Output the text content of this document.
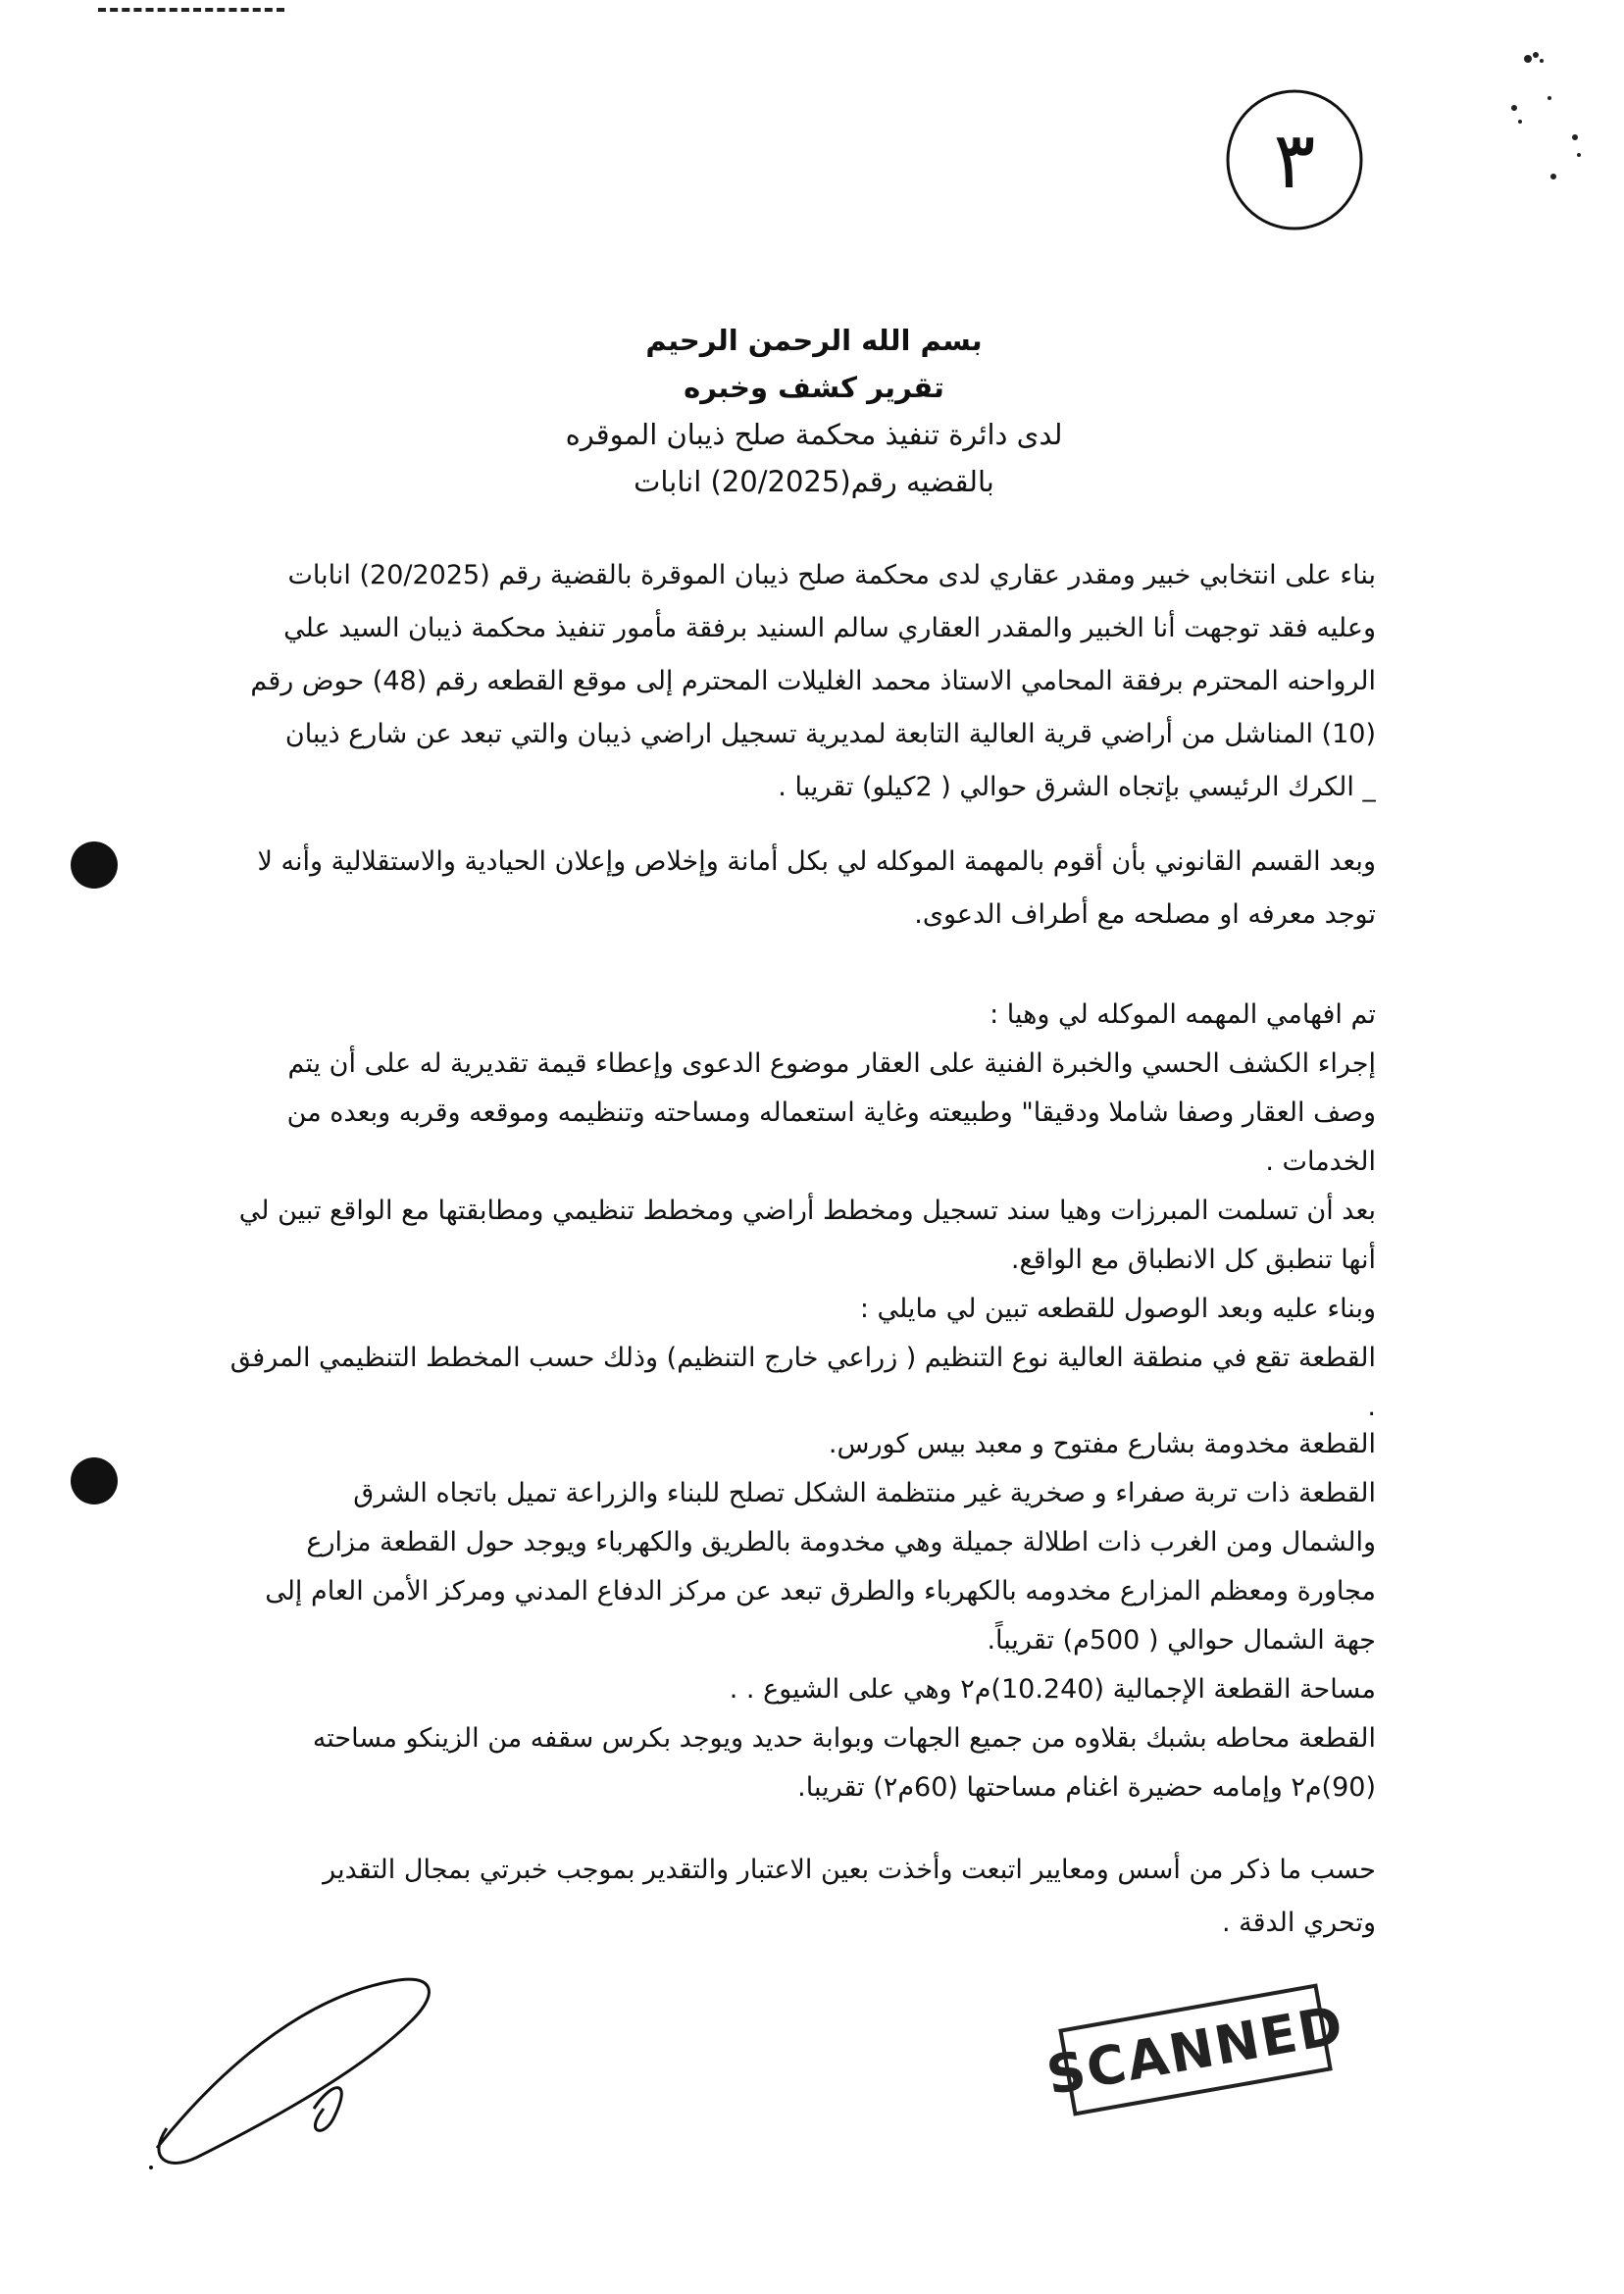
٣
بسم الله الرحمن الرحيم
تقرير كشف وخبره
لدى دائرة تنفيذ محكمة صلح ذيبان الموقره
بالقضيه رقم(20/2025) انابات
بناء على انتخابي خبير ومقدر عقاري لدى محكمة صلح ذيبان الموقرة بالقضية رقم (20/2025) انابات
وعليه فقد توجهت أنا الخبير والمقدر العقاري سالم السنيد برفقة مأمور تنفيذ محكمة ذيبان السيد علي
الرواحنه المحترم برفقة المحامي الاستاذ محمد الغليلات المحترم إلى موقع القطعه رقم (48) حوض رقم
(10) المناشل من أراضي قرية العالية التابعة لمديرية تسجيل اراضي ذيبان والتي تبعد عن شارع ذيبان
_ الكرك الرئيسي بإتجاه الشرق حوالي ( 2كيلو) تقريبا .
وبعد القسم القانوني بأن أقوم بالمهمة الموكله لي بكل أمانة وإخلاص وإعلان الحيادية والاستقلالية وأنه لا
توجد معرفه او مصلحه مع أطراف الدعوى.
تم افهامي المهمه الموكله لي وهيا :
إجراء الكشف الحسي والخبرة الفنية على العقار موضوع الدعوى وإعطاء قيمة تقديرية له على أن يتم
وصف العقار وصفا شاملا ودقيقا" وطبيعته وغاية استعماله ومساحته وتنظيمه وموقعه وقربه وبعده من
الخدمات .
بعد أن تسلمت المبرزات وهيا سند تسجيل ومخطط أراضي ومخطط تنظيمي ومطابقتها مع الواقع تبين لي
أنها تنطبق كل الانطباق مع الواقع.
وبناء عليه وبعد الوصول للقطعه تبين لي مايلي :
القطعة تقع في منطقة العالية نوع التنظيم ( زراعي خارج التنظيم) وذلك حسب المخطط التنظيمي المرفق
.
القطعة مخدومة بشارع مفتوح و معبد بيس كورس.
القطعة ذات تربة صفراء و صخرية غير منتظمة الشكل تصلح للبناء والزراعة تميل باتجاه الشرق
والشمال ومن الغرب ذات اطلالة جميلة وهي مخدومة بالطريق والكهرباء ويوجد حول القطعة مزارع
مجاورة ومعظم المزارع مخدومه بالكهرباء والطرق تبعد عن مركز الدفاع المدني ومركز الأمن العام إلى
جهة الشمال حوالي ( 500م) تقريباً.
مساحة القطعة الإجمالية (10.240)م٢ وهي على الشيوع . .
القطعة محاطه بشبك بقلاوه من جميع الجهات وبوابة حديد ويوجد بكرس سقفه من الزينكو مساحته
(90)م٢ وإمامه حضيرة اغنام مساحتها (60م٢) تقريبا.
حسب ما ذكر من أسس ومعايير اتبعت وأخذت بعين الاعتبار والتقدير بموجب خبرتي بمجال التقدير
وتحري الدقة .
SCANNED
